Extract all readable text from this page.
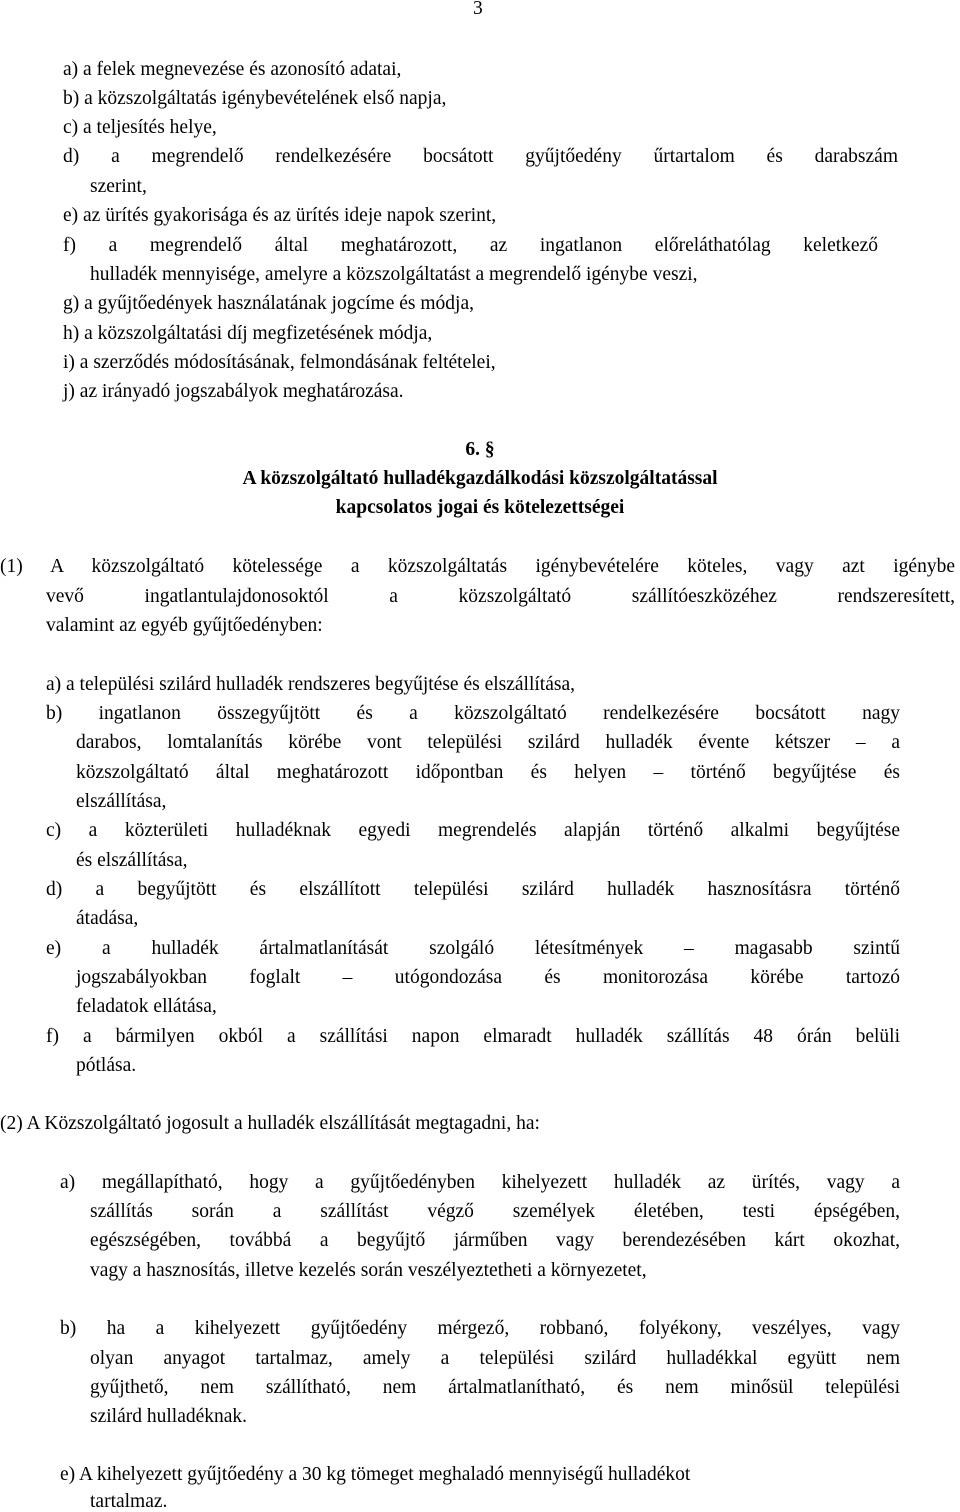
3
a) a felek megnevezése és azonosító adatai,
b) a közszolgáltatás igénybevételének első napja,
c) a teljesítés helye,
d) a megrendelő rendelkezésére bocsátott gyűjtőedény űrtartalom és darabszám
szerint,
e) az ürítés gyakorisága és az ürítés ideje napok szerint,
f) a megrendelő által meghatározott, az ingatlanon előreláthatólag keletkező
hulladék mennyisége, amelyre a közszolgáltatást a megrendelő igénybe veszi,
g) a gyűjtőedények használatának jogcíme és módja,
h) a közszolgáltatási díj megfizetésének módja,
i) a szerződés módosításának, felmondásának feltételei,
j) az irányadó jogszabályok meghatározása.
6. §
A közszolgáltató hulladékgazdálkodási közszolgáltatással
kapcsolatos jogai és kötelezettségei
(1) A közszolgáltató kötelessége a közszolgáltatás igénybevételére köteles, vagy azt igénybe
vevő ingatlantulajdonosoktól a közszolgáltató szállítóeszközéhez rendszeresített,
valamint az egyéb gyűjtőedényben:
a) a települési szilárd hulladék rendszeres begyűjtése és elszállítása,
b) ingatlanon összegyűjtött és a közszolgáltató rendelkezésére bocsátott nagy
darabos, lomtalanítás körébe vont települési szilárd hulladék évente kétszer – a
közszolgáltató által meghatározott időpontban és helyen – történő begyűjtése és
elszállítása,
c) a közterületi hulladéknak egyedi megrendelés alapján történő alkalmi begyűjtése
és elszállítása,
d) a begyűjtött és elszállított települési szilárd hulladék hasznosításra történő
átadása,
e) a hulladék ártalmatlanítását szolgáló létesítmények – magasabb szintű
jogszabályokban foglalt – utógondozása és monitorozása körébe tartozó
feladatok ellátása,
f) a bármilyen okból a szállítási napon elmaradt hulladék szállítás 48 órán belüli
pótlása.
(2) A Közszolgáltató jogosult a hulladék elszállítását megtagadni, ha:
a) megállapítható, hogy a gyűjtőedényben kihelyezett hulladék az ürítés, vagy a
szállítás során a szállítást végző személyek életében, testi épségében,
egészségében, továbbá a begyűjtő járműben vagy berendezésében kárt okozhat,
vagy a hasznosítás, illetve kezelés során veszélyeztetheti a környezetet,
b) ha a kihelyezett gyűjtőedény mérgező, robbanó, folyékony, veszélyes, vagy
olyan anyagot tartalmaz, amely a települési szilárd hulladékkal együtt nem
gyűjthető, nem szállítható, nem ártalmatlanítható, és nem minősül települési
szilárd hulladéknak.
e) A kihelyezett gyűjtőedény a 30 kg tömeget meghaladó mennyiségű hulladékot
tartalmaz.
